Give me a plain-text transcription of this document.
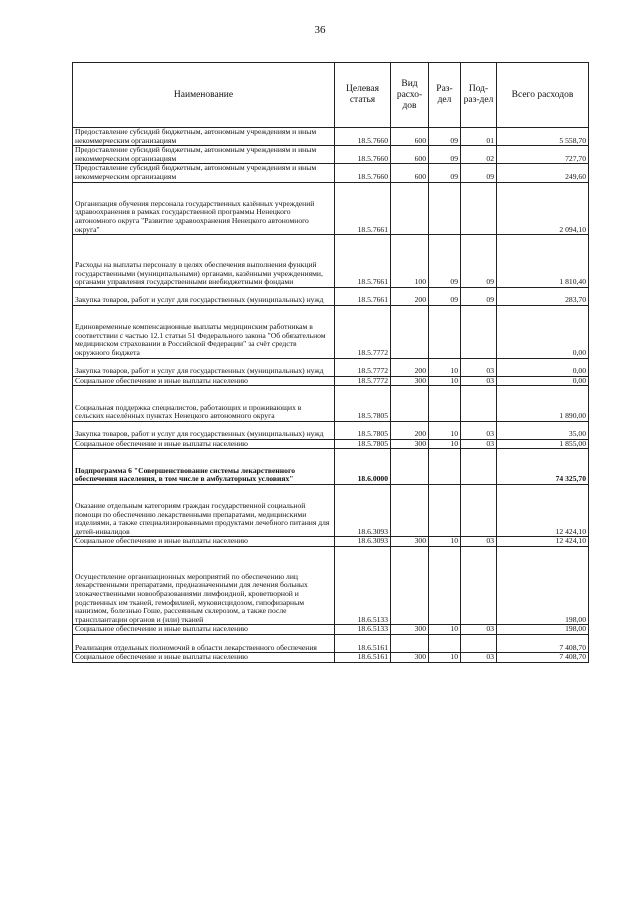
36
Наименование	Целевая статья	Вид расхо-дов	Раз-дел	Под-раз-дел	Всего расходов
Предоставление субсидий бюджетным, автономным учреждениям и иным некоммерческим организациям	18.5.7660	600	09	01	5 558,70
Предоставление субсидий бюджетным, автономным учреждениям и иным некоммерческим организациям	18.5.7660	600	09	02	727,70
Предоставление субсидий бюджетным, автономным учреждениям и иным некоммерческим организациям	18.5.7660	600	09	09	249,60
Организация обучения персонала государственных казённых учреждений здравоохранения в рамках государственной программы Ненецкого автономного округа "Развитие здравоохранения Ненецкого автономного округа"	18.5.7661				2 094,10
Расходы на выплаты персоналу в целях обеспечения выполнения функций государственными (муниципальными) органами, казёнными учреждениями, органами управления государственными внебюджетными фондами	18.5.7661	100	09	09	1 810,40
Закупка товаров, работ и услуг для государственных (муниципальных) нужд	18.5.7661	200	09	09	283,70
Единовременные компенсационные выплаты медицинским работникам в соответствии с частью 12.1 статьи 51 Федерального закона "Об обязательном медицинском страховании в Российской Федерации" за счёт средств окружного бюджета	18.5.7772				0,00
Закупка товаров, работ и услуг для государственных (муниципальных) нужд	18.5.7772	200	10	03	0,00
Социальное обеспечение и иные выплаты населению	18.5.7772	300	10	03	0,00
Социальная поддержка специалистов, работающих и проживающих в сельских населённых пунктах Ненецкого автономного округа	18.5.7805				1 890,00
Закупка товаров, работ и услуг для государственных (муниципальных) нужд	18.5.7805	200	10	03	35,00
Социальное обеспечение и иные выплаты населению	18.5.7805	300	10	03	1 855,00
Подпрограмма 6 "Совершенствование системы лекарственного обеспечения населения, в том числе в амбулаторных условиях"	18.6.0000				74 325,70
Оказание отдельным категориям граждан государственной социальной помощи по обеспечению лекарственными препаратами, медицинскими изделиями, а также специализированными продуктами лечебного питания для детей-инвалидов	18.6.3093				12 424,10
Социальное обеспечение и иные выплаты населению	18.6.3093	300	10	03	12 424,10
Осуществление организационных мероприятий по обеспечению лиц лекарственными препаратами, предназначенными для лечения больных злокачественными новообразованиями лимфоидной, кроветворной и родственных им тканей, гемофилией, муковисцидозом, гипофизарным нанизмом, болезнью Гоше, рассеянным склерозом, а также после трансплантации органов и (или) тканей	18.6.5133				198,00
Социальное обеспечение и иные выплаты населению	18.6.5133	300	10	03	198,00
Реализация отдельных полномочий в области лекарственного обеспечения	18.6.5161				7 408,70
Социальное обеспечение и иные выплаты населению	18.6.5161	300	10	03	7 408,70
